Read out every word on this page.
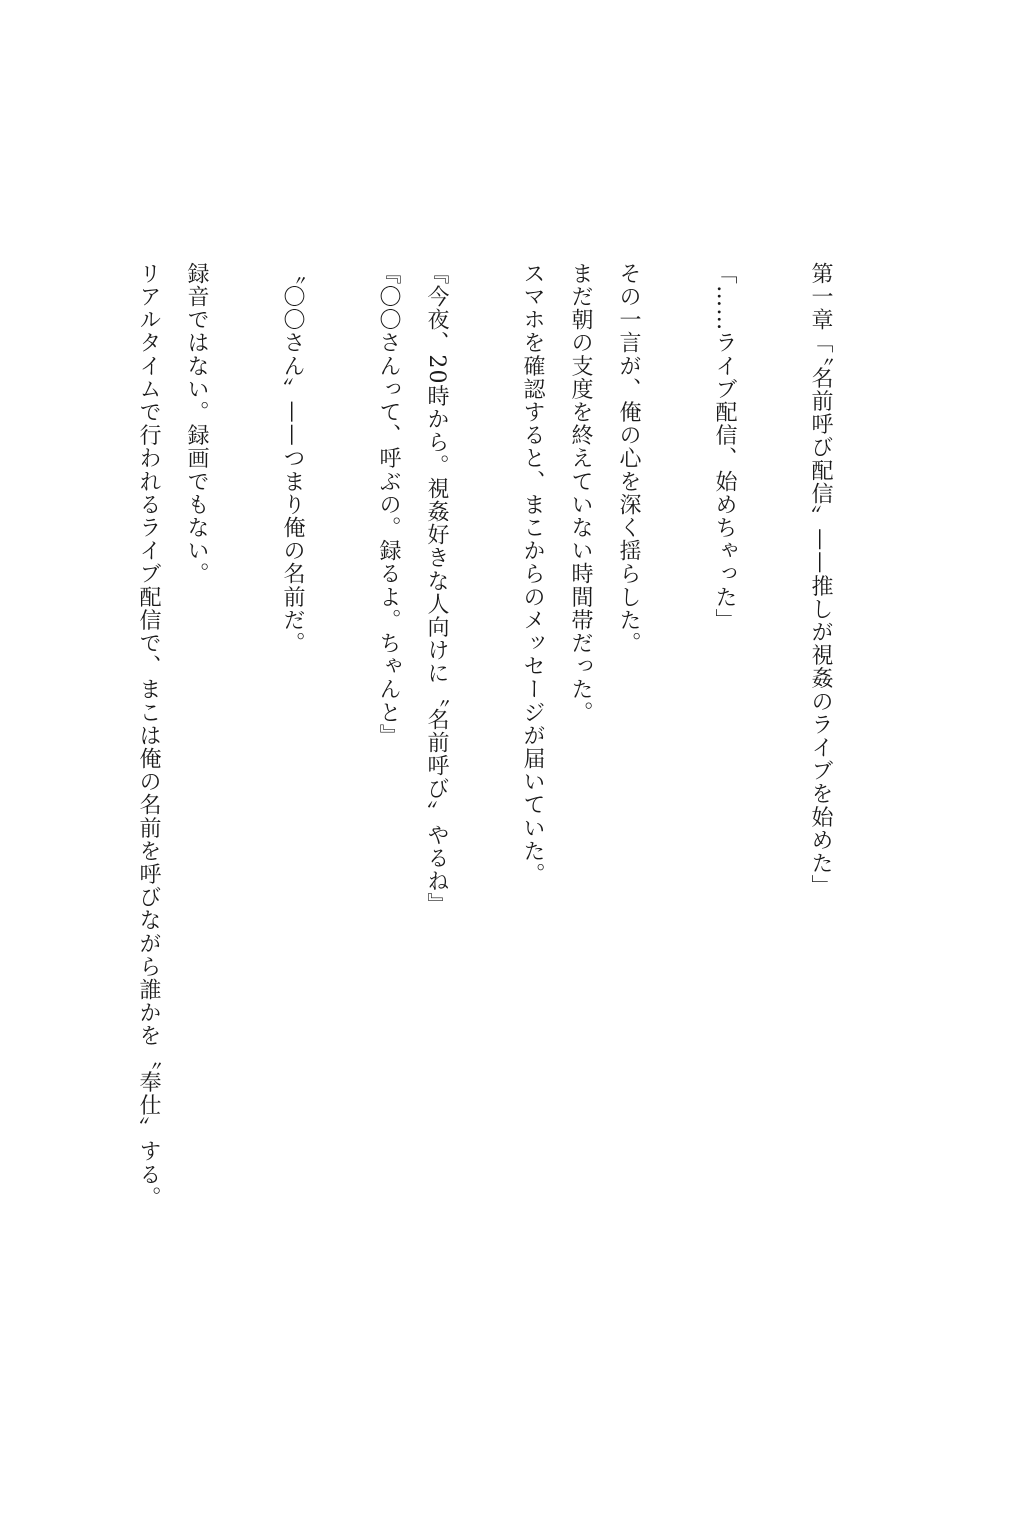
第一章「〝名前呼び配信〟——推しが視姦のライブを始めた」

「……ライブ配信、始めちゃった」

その一言が、俺の心を深く揺らした。
まだ朝の支度を終えていない時間帯だった。
スマホを確認すると、まこからのメッセージが届いていた。

『今夜、20時から。視姦好きな人向けに〝名前呼び〟やるね』
『〇〇さんって、呼ぶの。録るよ。ちゃんと』

〝〇〇さん〟——つまり俺の名前だ。

録音ではない。録画でもない。
リアルタイムで行われるライブ配信で、まこは俺の名前を呼びながら誰かを〝奉仕〟する。
